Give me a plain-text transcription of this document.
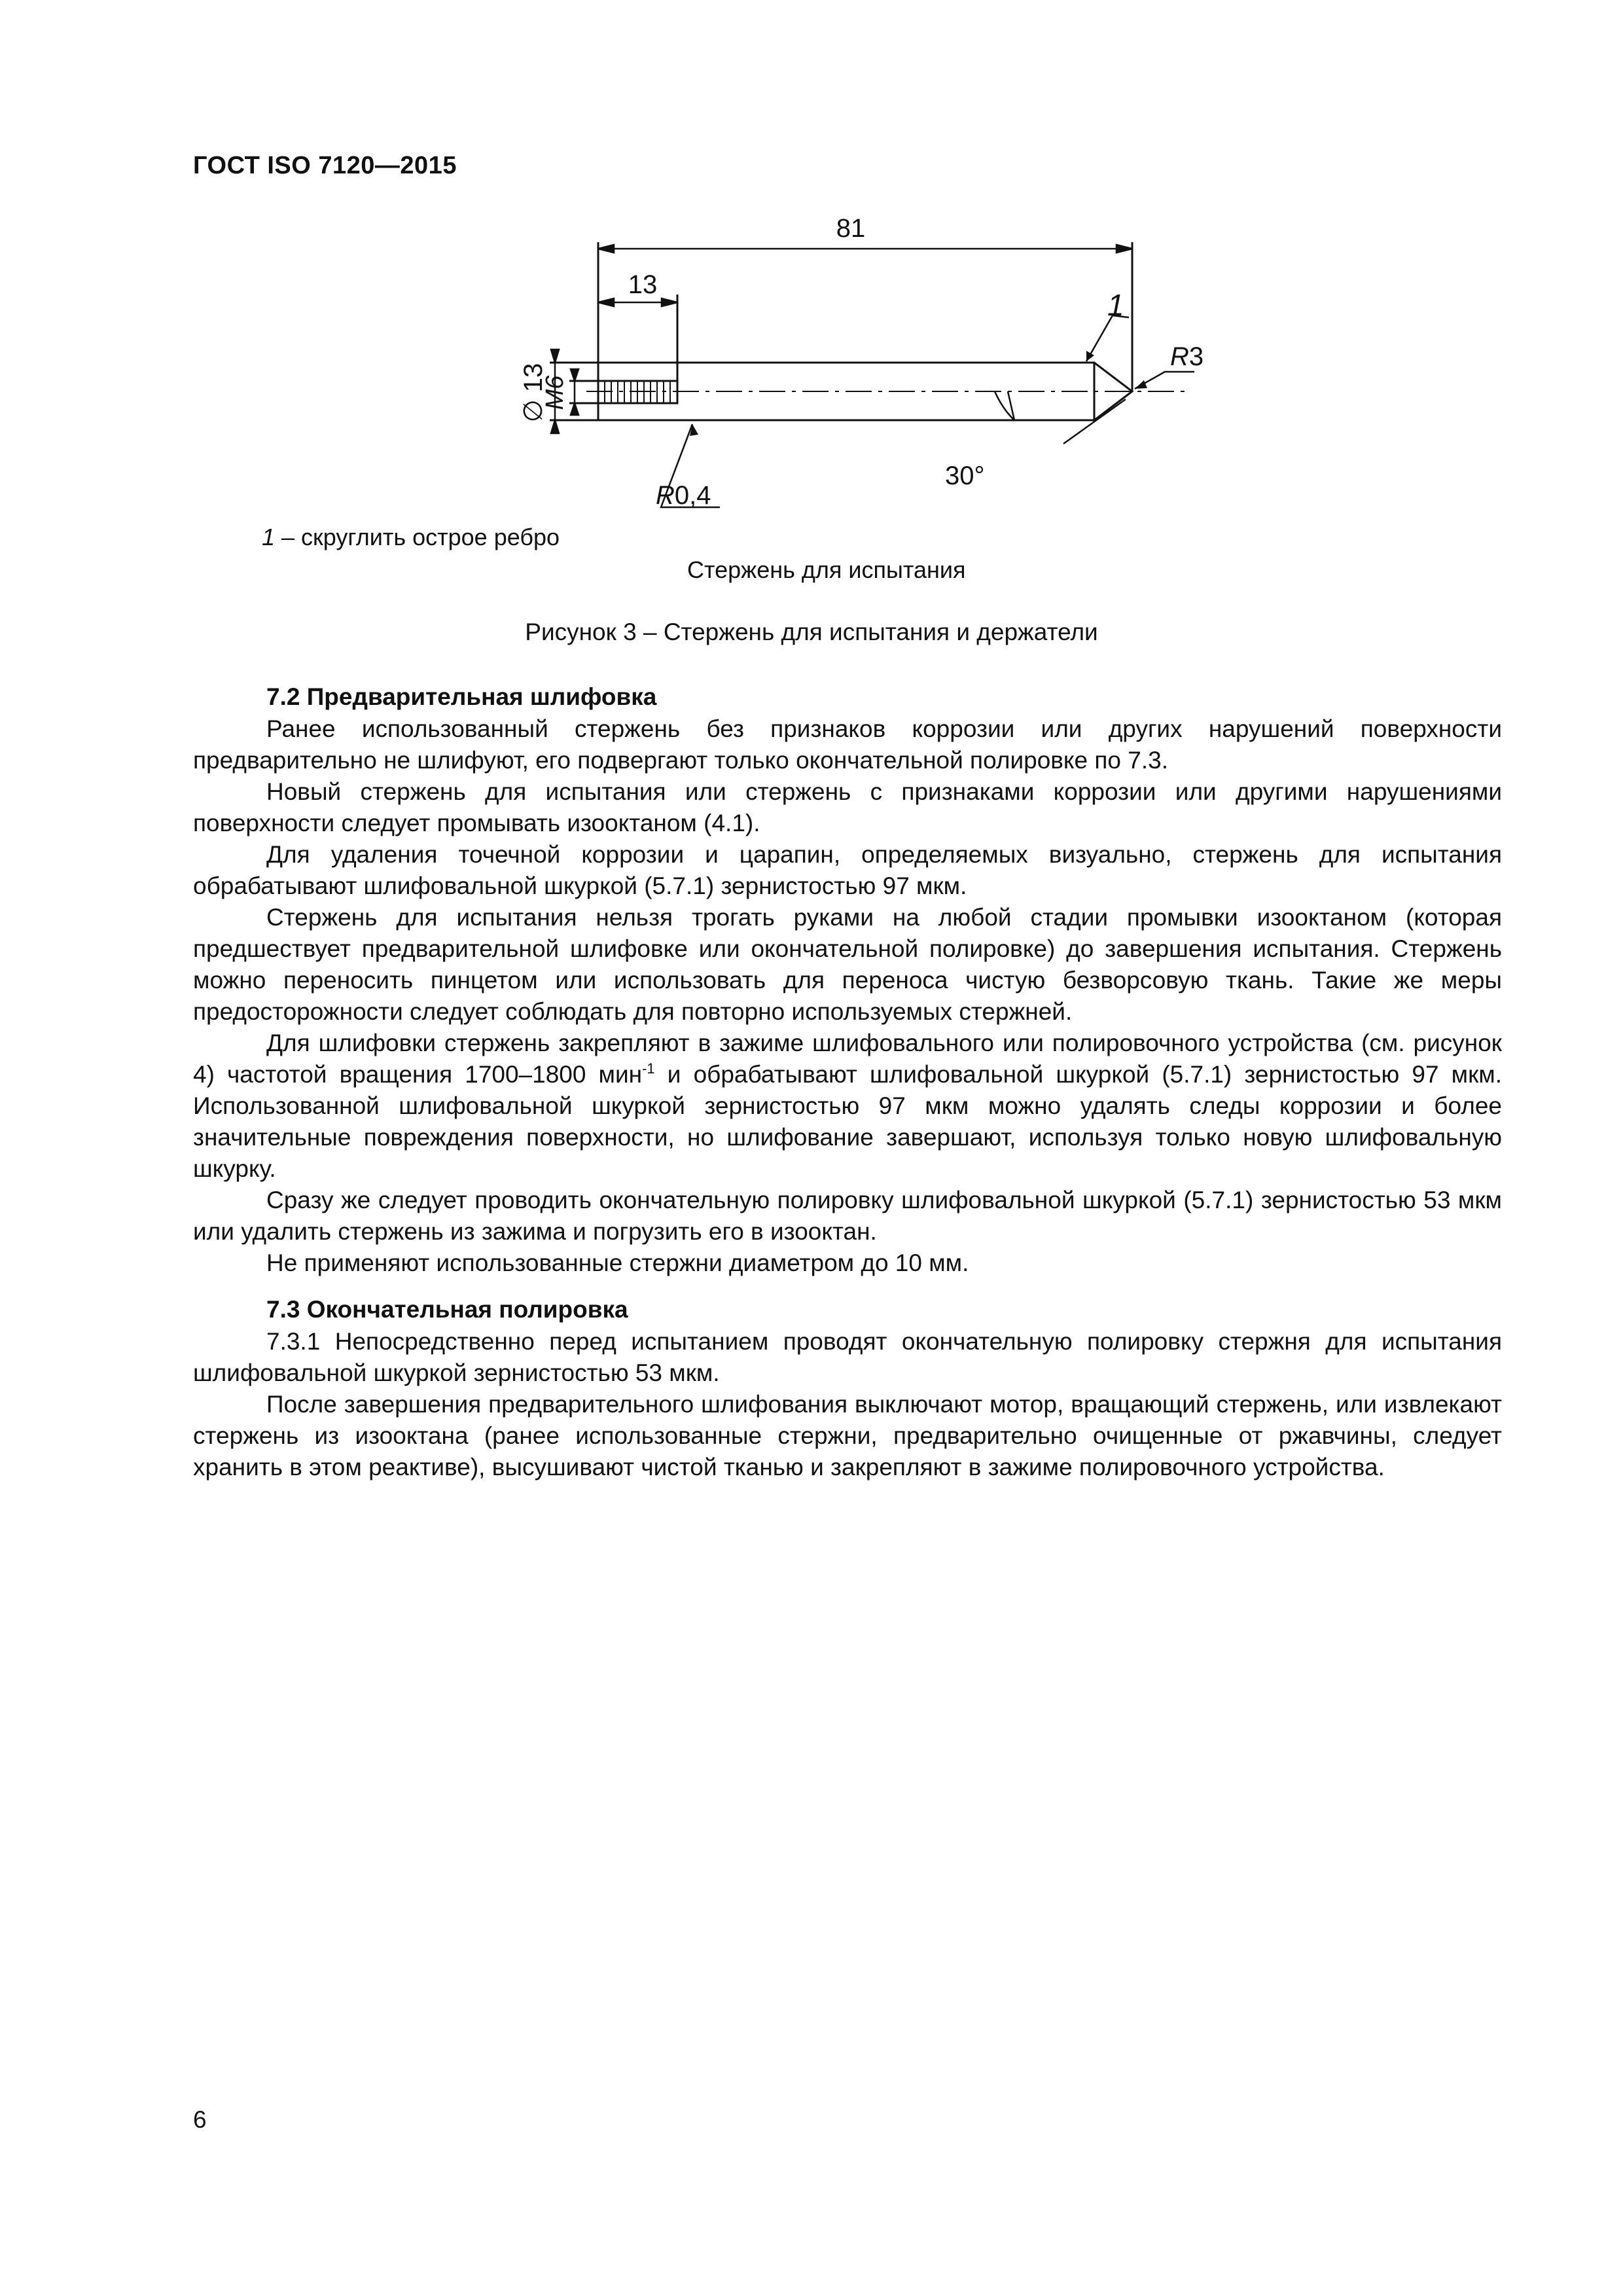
ГОСТ ISO 7120—2015
81
13
∅ 13
M6
1
R3
R0,4
30°
1 – скруглить острое ребро
Стержень для испытания
Рисунок 3 – Стержень для испытания и держатели
7.2 Предварительная шлифовка

Ранее использованный стержень без признаков коррозии или других нарушений поверхности предварительно не шлифуют, его подвергают только окончательной полировке по 7.3.

Новый стержень для испытания или стержень с признаками коррозии или другими нарушениями поверхности следует промывать изооктаном (4.1).

Для удаления точечной коррозии и царапин, определяемых визуально, стержень для испытания обрабатывают шлифовальной шкуркой (5.7.1) зернистостью 97 мкм.

Стержень для испытания нельзя трогать руками на любой стадии промывки изооктаном (которая предшествует предварительной шлифовке или окончательной полировке) до завершения испытания. Стержень можно переносить пинцетом или использовать для переноса чистую безворсовую ткань. Такие же меры предосторожности следует соблюдать для повторно используемых стержней.

Для шлифовки стержень закрепляют в зажиме шлифовального или полировочного устройства (см. рисунок 4) частотой вращения 1700–1800 мин$^{-1}$ и обрабатывают шлифовальной шкуркой (5.7.1) зернистостью 97 мкм. Использованной шлифовальной шкуркой зернистостью 97 мкм можно удалять следы коррозии и более значительные повреждения поверхности, но шлифование завершают, используя только новую шлифовальную шкурку.

Сразу же следует проводить окончательную полировку шлифовальной шкуркой (5.7.1) зернистостью 53 мкм или удалить стержень из зажима и погрузить его в изооктан.

Не применяют использованные стержни диаметром до 10 мм.

7.3 Окончательная полировка

7.3.1 Непосредственно перед испытанием проводят окончательную полировку стержня для испытания шлифовальной шкуркой зернистостью 53 мкм.

После завершения предварительного шлифования выключают мотор, вращающий стержень, или извлекают стержень из изооктана (ранее использованные стержни, предварительно очищенные от ржавчины, следует хранить в этом реактиве), высушивают чистой тканью и закрепляют в зажиме полировочного устройства.

6
